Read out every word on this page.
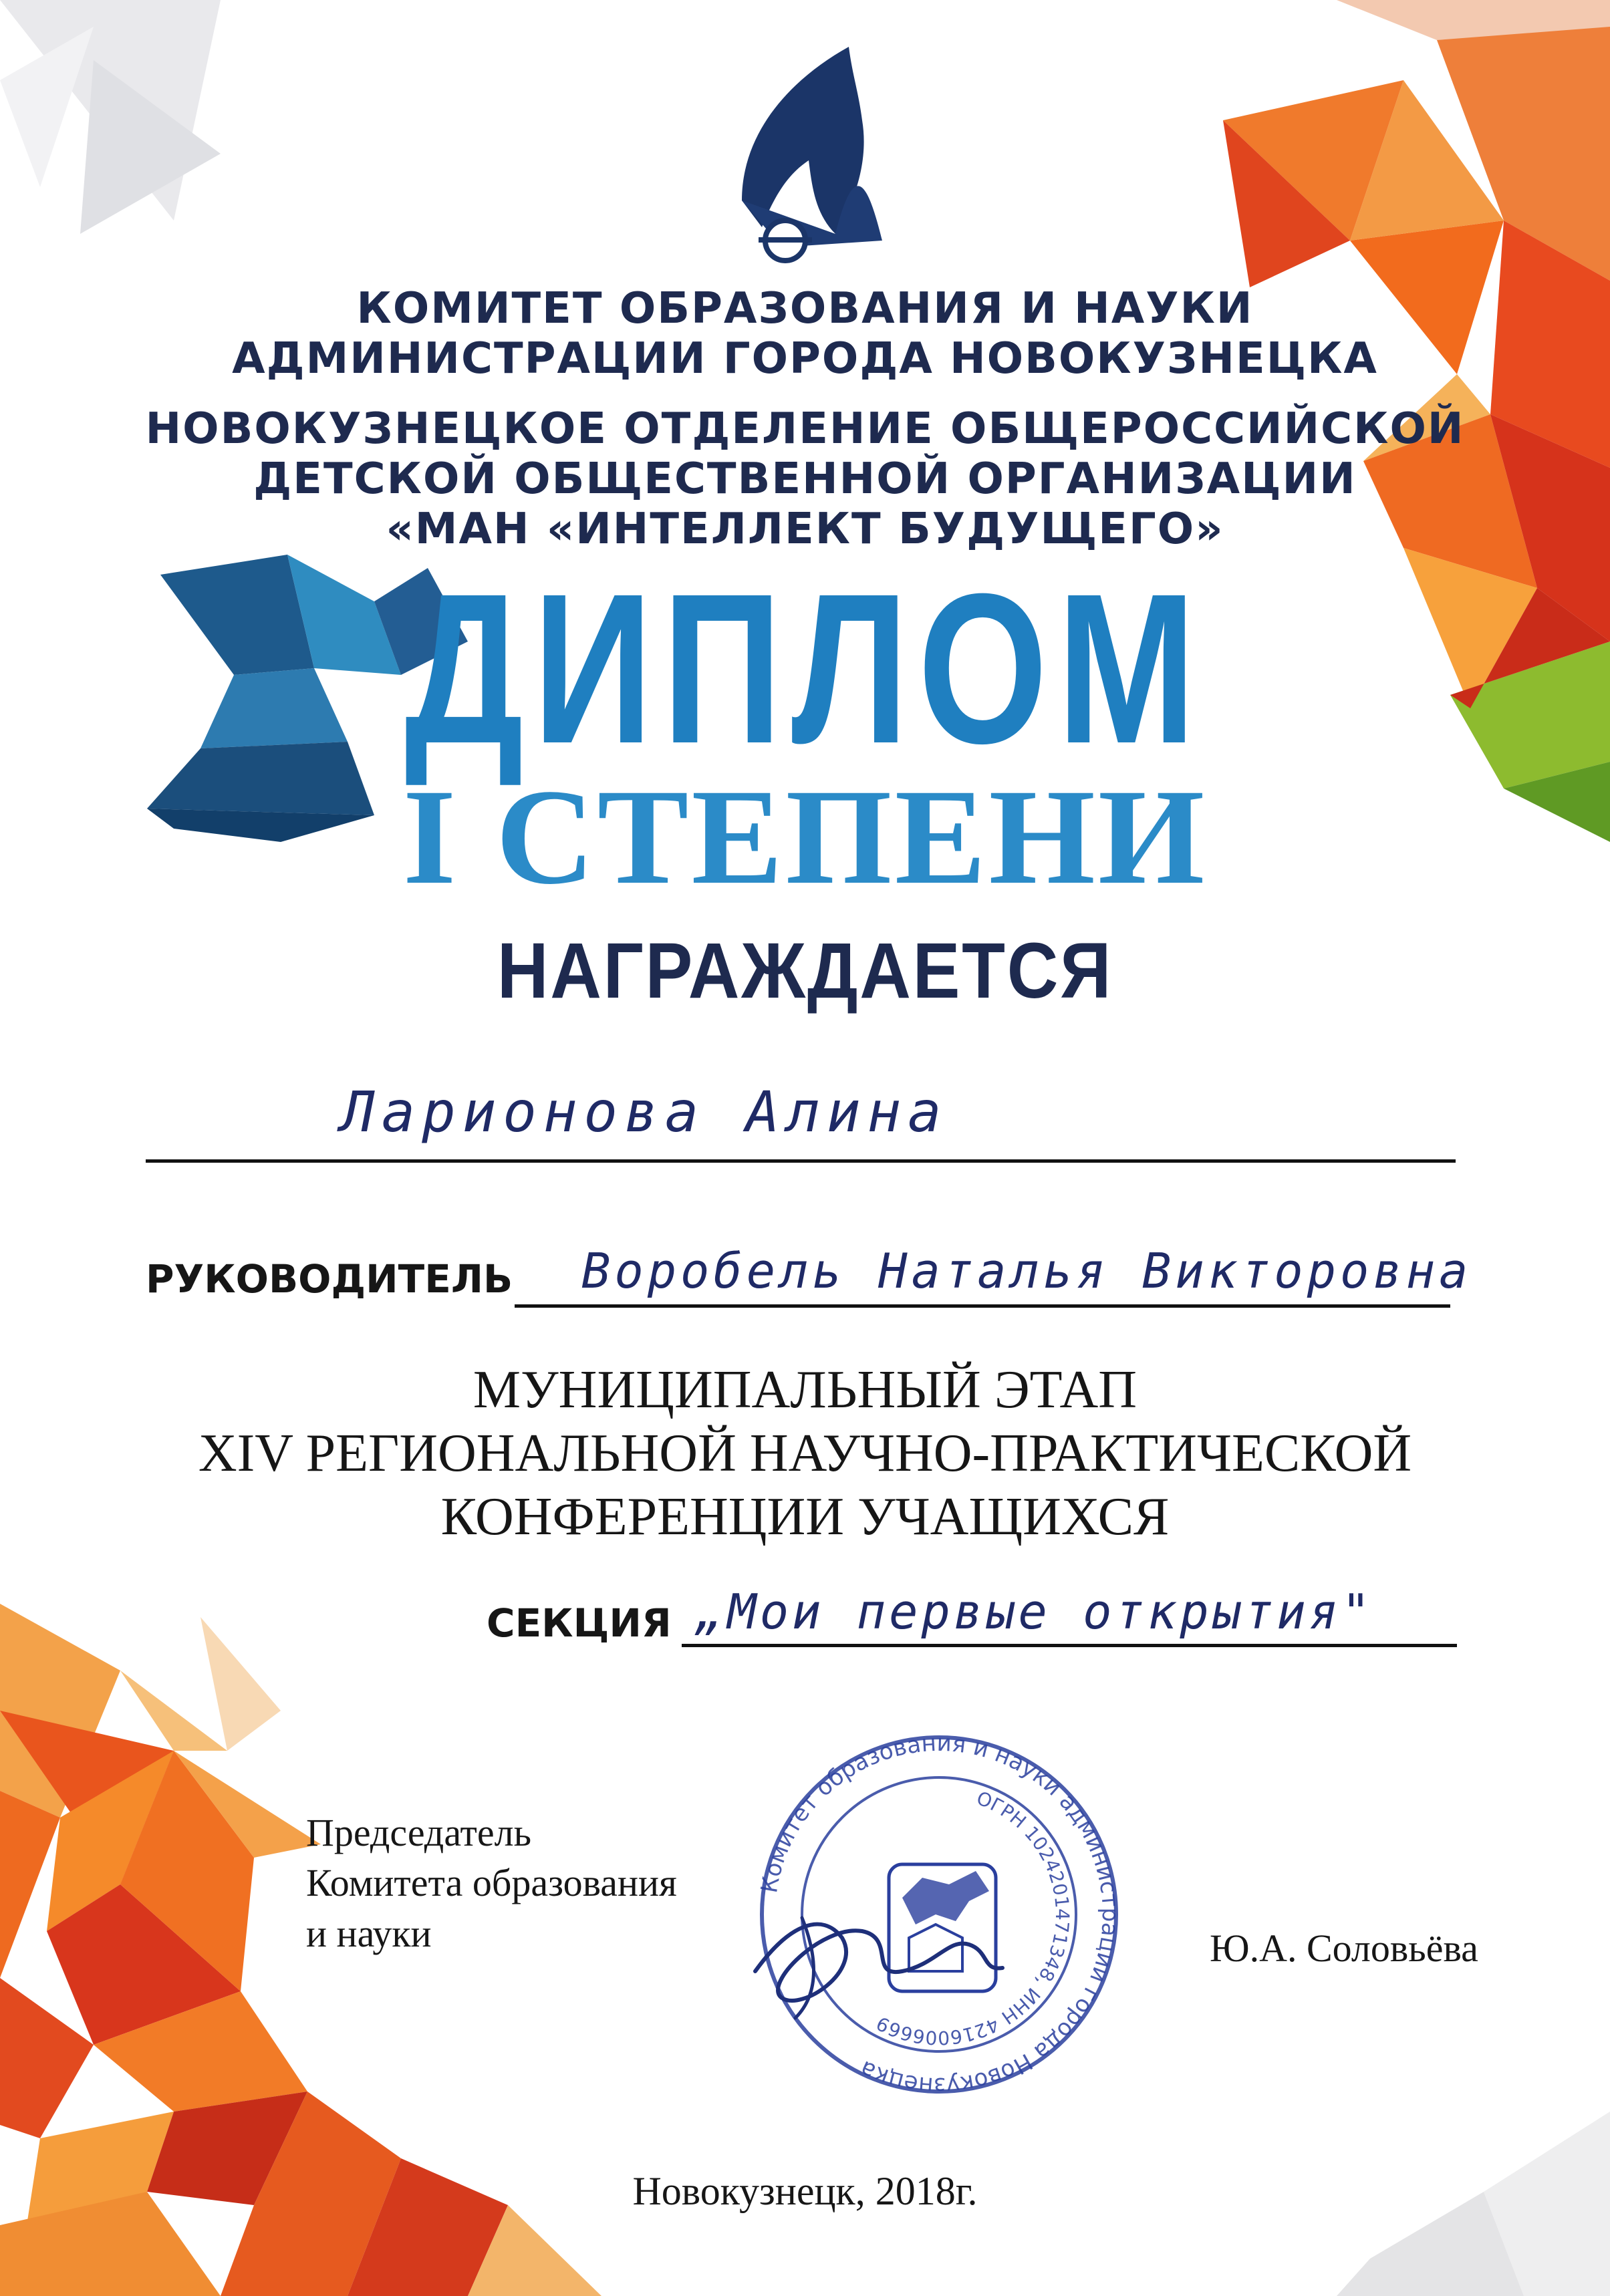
КОМИТЕТ ОБРАЗОВАНИЯ И НАУКИ
АДМИНИСТРАЦИИ ГОРОДА НОВОКУЗНЕЦКА
НОВОКУЗНЕЦКОЕ ОТДЕЛЕНИЕ ОБЩЕРОССИЙСКОЙ
ДЕТСКОЙ ОБЩЕСТВЕННОЙ ОРГАНИЗАЦИИ
«МАН «ИНТЕЛЛЕКТ БУДУЩЕГО»
ДИПЛОМ
I СТЕПЕНИ
НАГРАЖДАЕТСЯ
Ларионова Алина
РУКОВОДИТЕЛЬ Воробель Наталья Викторовна
МУНИЦИПАЛЬНЫЙ ЭТАП
XIV РЕГИОНАЛЬНОЙ НАУЧНО-ПРАКТИЧЕСКОЙ
КОНФЕРЕНЦИИ УЧАЩИХСЯ
СЕКЦИЯ „Мои первые открытия"
Председатель
Комитета образования
и науки	Ю.А. Соловьёва
Комитет образования и науки администрации города Новокузнецка
ОГРН 1024201471348, ИНН 4216006669
Новокузнецк, 2018г.
